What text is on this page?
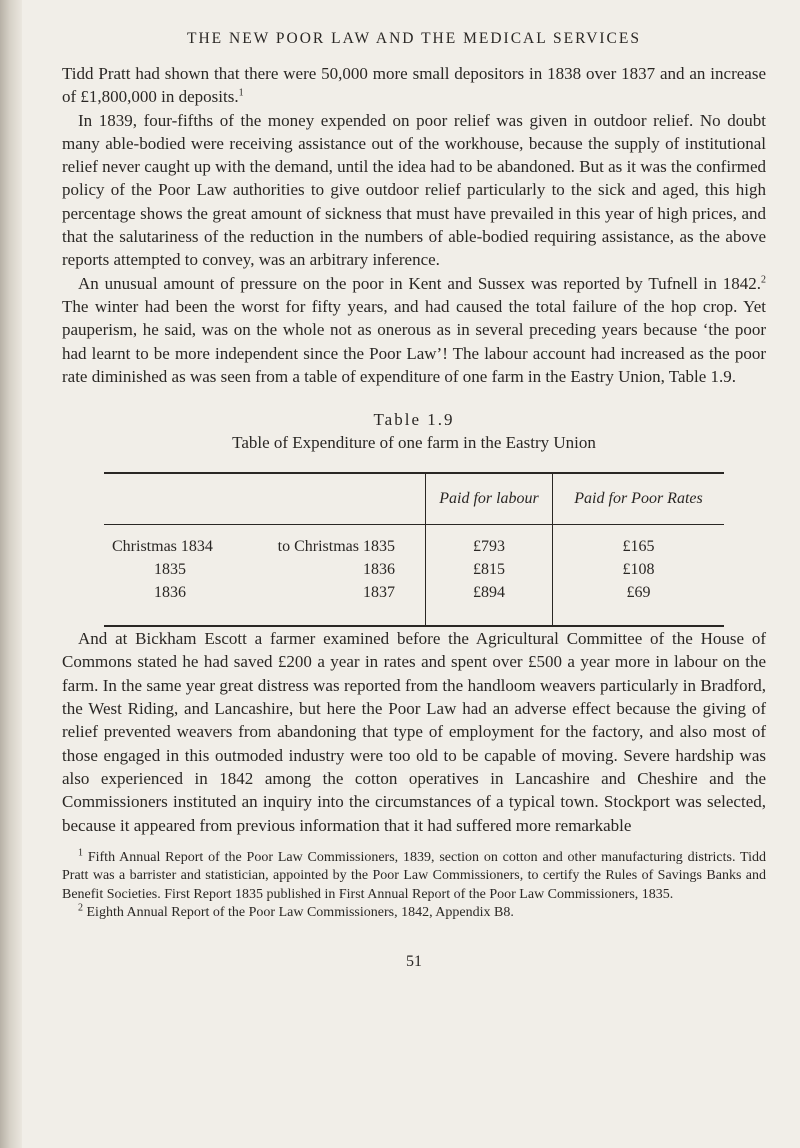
THE NEW POOR LAW AND THE MEDICAL SERVICES

Tidd Pratt had shown that there were 50,000 more small depositors in 1838 over 1837 and an increase of £1,800,000 in deposits.$^1$

In 1839, four-fifths of the money expended on poor relief was given in outdoor relief. No doubt many able-bodied were receiving assistance out of the workhouse, because the supply of institutional relief never caught up with the demand, until the idea had to be abandoned. But as it was the confirmed policy of the Poor Law authorities to give outdoor relief particularly to the sick and aged, this high percentage shows the great amount of sickness that must have prevailed in this year of high prices, and that the salutariness of the reduction in the numbers of able-bodied requiring assistance, as the above reports attempted to convey, was an arbitrary inference.

An unusual amount of pressure on the poor in Kent and Sussex was reported by Tufnell in 1842.$^2$ The winter had been the worst for fifty years, and had caused the total failure of the hop crop. Yet pauperism, he said, was on the whole not as onerous as in several preceding years because ‘the poor had learnt to be more independent since the Poor Law’! The labour account had increased as the poor rate diminished as was seen from a table of expenditure of one farm in the Eastry Union, Table 1.9.

Table 1.9
Table of Expenditure of one farm in the Eastry Union
	Paid for labour	Paid for Poor Rates

Christmas 1834 to Christmas 1835	£793	£165

1835 1836	£815	£108

1836 1837	£894	£69

And at Bickham Escott a farmer examined before the Agricultural Committee of the House of Commons stated he had saved £200 a year in rates and spent over £500 a year more in labour on the farm. In the same year great distress was reported from the handloom weavers particularly in Bradford, the West Riding, and Lancashire, but here the Poor Law had an adverse effect because the giving of relief prevented weavers from abandoning that type of employment for the factory, and also most of those engaged in this outmoded industry were too old to be capable of moving. Severe hardship was also experienced in 1842 among the cotton operatives in Lancashire and Cheshire and the Commissioners instituted an inquiry into the circumstances of a typical town. Stockport was selected, because it appeared from previous information that it had suffered more remarkable

$^1$ Fifth Annual Report of the Poor Law Commissioners, 1839, section on cotton and other manufacturing districts. Tidd Pratt was a barrister and statistician, appointed by the Poor Law Commissioners, to certify the Rules of Savings Banks and Benefit Societies. First Report 1835 published in First Annual Report of the Poor Law Commissioners, 1835.

$^2$ Eighth Annual Report of the Poor Law Commissioners, 1842, Appendix B8.

51
